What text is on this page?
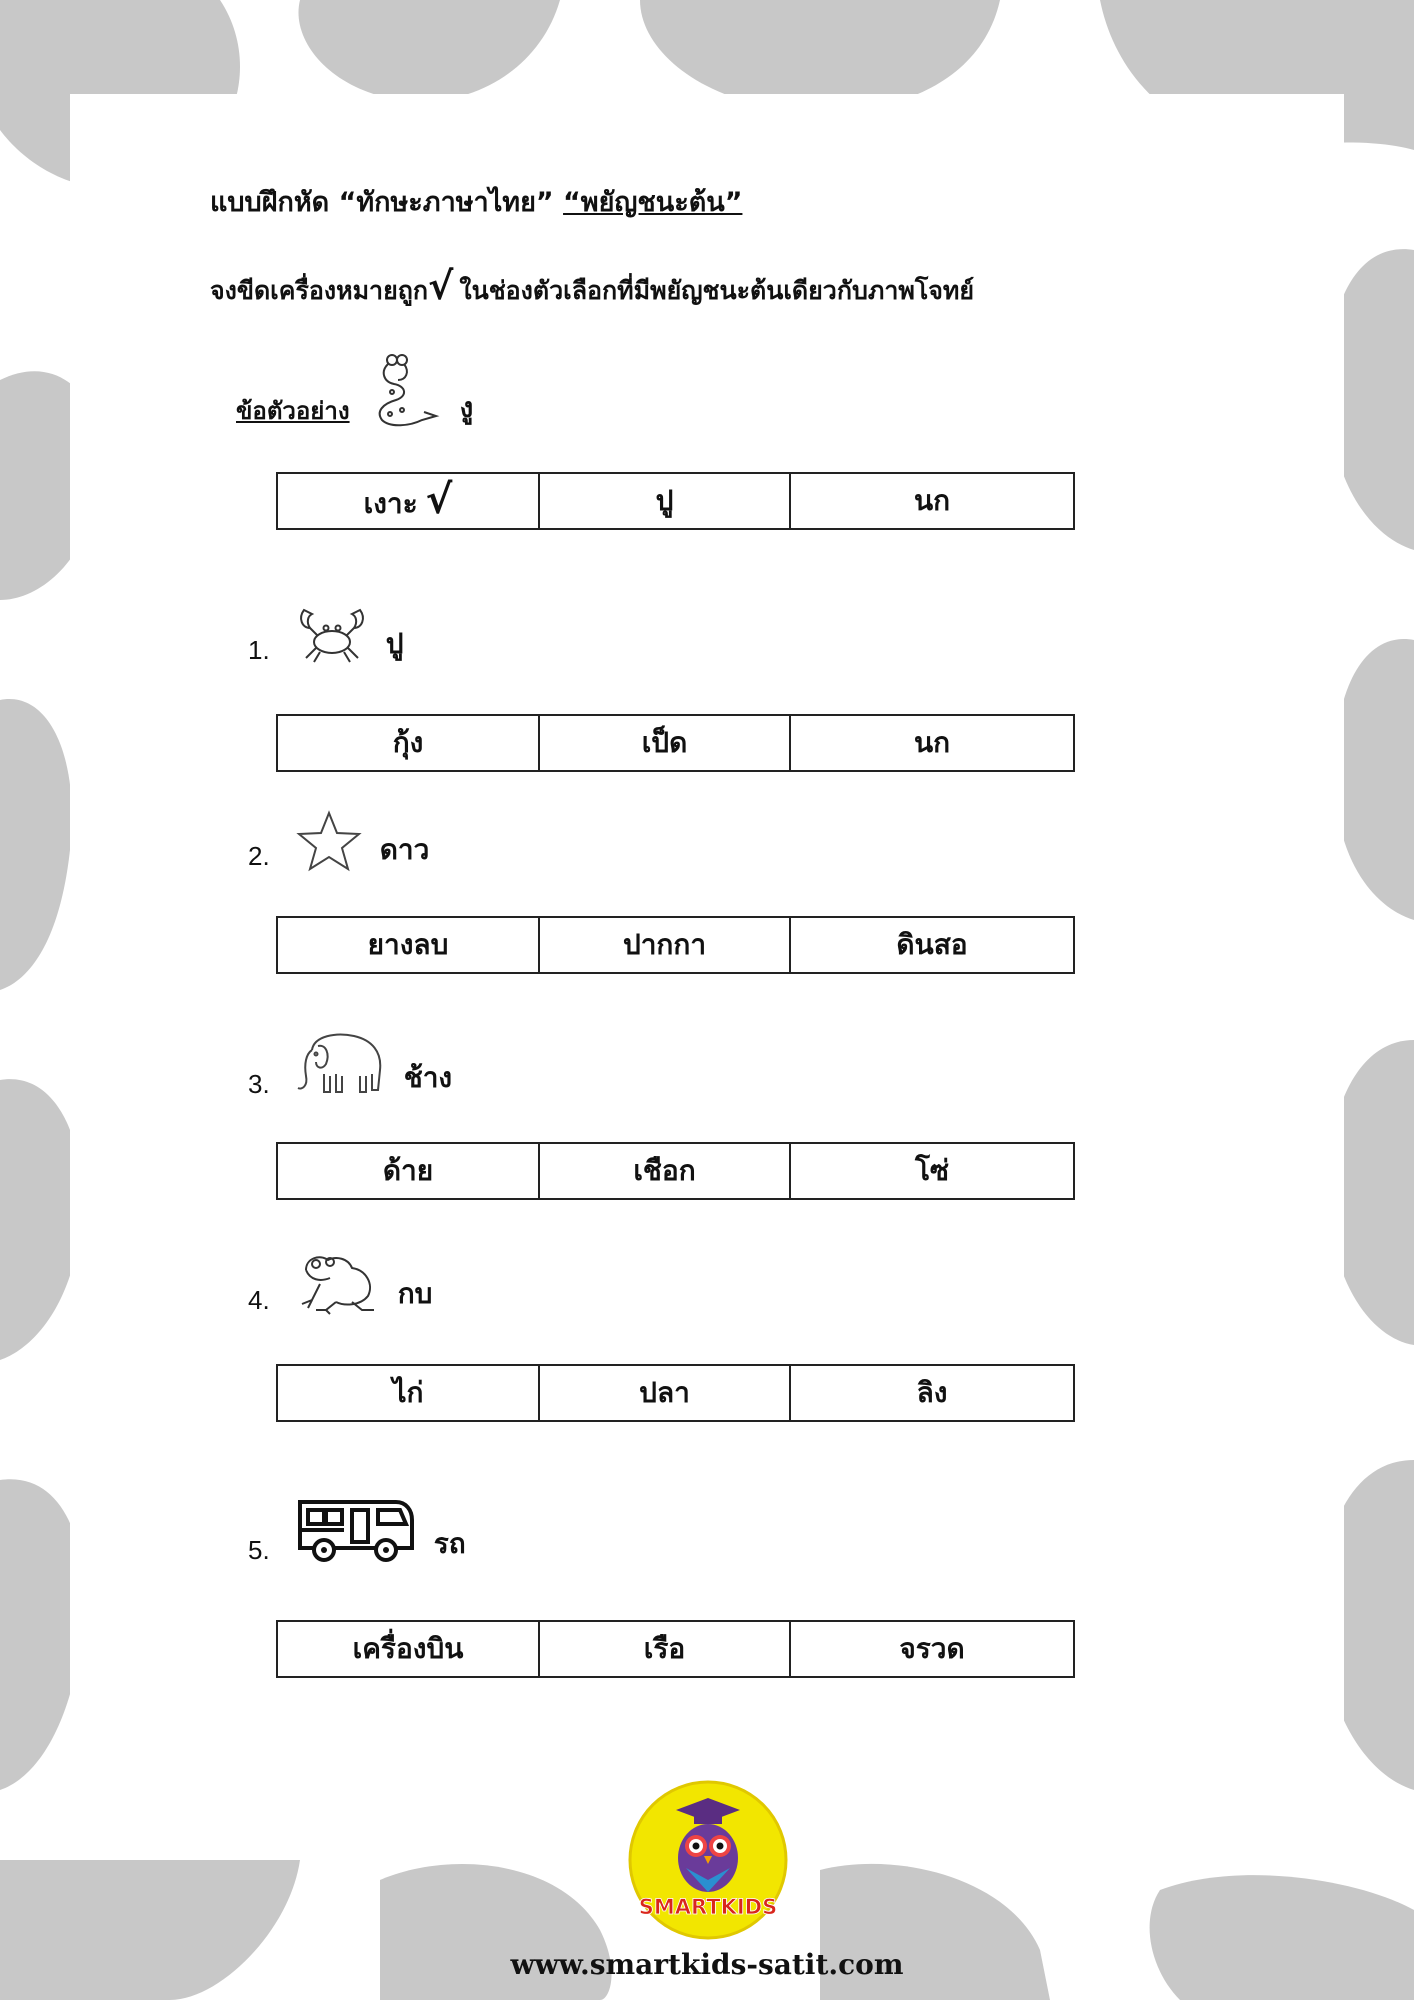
แบบฝึกหัด “ทักษะภาษาไทย” “พยัญชนะต้น”
จงขีดเครื่องหมายถูก √ ในช่องตัวเลือกที่มีพยัญชนะต้นเดียวกับภาพโจทย์
ข้อตัวอย่าง	งู
เงาะ √	ปู	นก
1.	ปู
กุ้ง	เป็ด	นก
2.	ดาว
ยางลบ	ปากกา	ดินสอ
3.	ช้าง
ด้าย	เชือก	โซ่
4.	กบ
ไก่	ปลา	ลิง
5.	รถ
เครื่องบิน	เรือ	จรวด
SMARTKIDS
www.smartkids-satit.com
